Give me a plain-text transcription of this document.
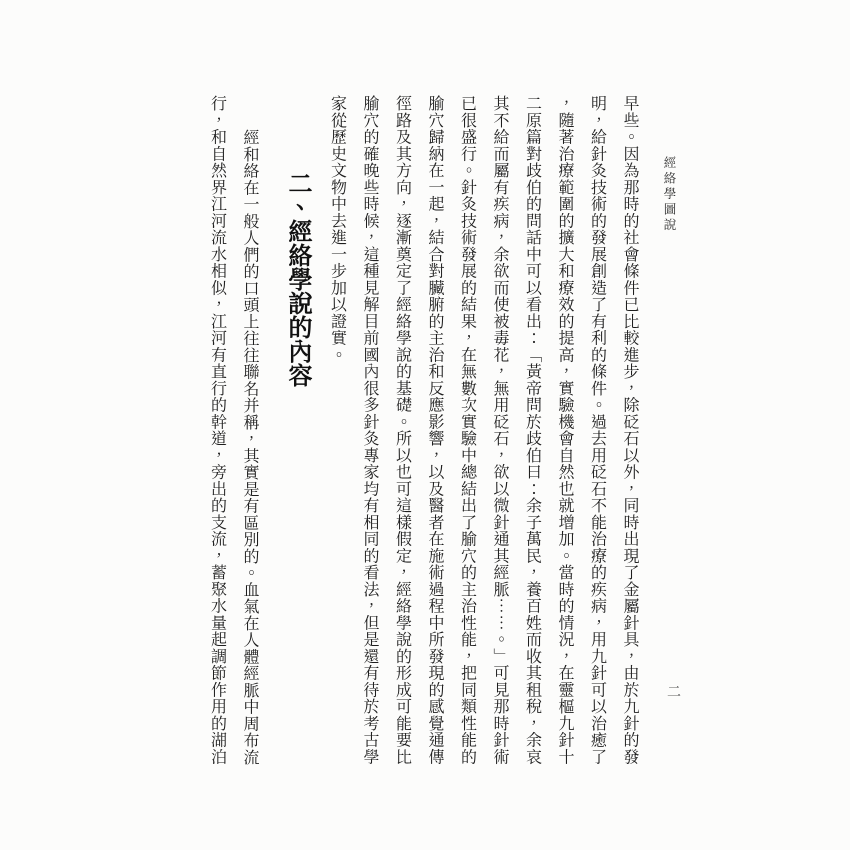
經絡學圖說
二
早些。因為那時的社會條件已比較進步，除砭石以外，同時出現了金屬針具，由於九針的發
明，給針灸技術的發展創造了有利的條件。過去用砭石不能治療的疾病，用九針可以治癒了
，隨著治療範圍的擴大和療效的提高，實驗機會自然也就增加。當時的情況，在靈樞九針十
二原篇對歧伯的問話中可以看出：「黃帝問於歧伯曰：余子萬民，養百姓而收其租稅，余哀
其不給而屬有疾病，余欲而使被毒花，無用砭石，欲以微針通其經脈⋯⋯。」可見那時針術
已很盛行。針灸技術發展的結果，在無數次實驗中總結出了腧穴的主治性能，把同類性能的
腧穴歸納在一起，結合對臟腑的主治和反應影響，以及醫者在施術過程中所發現的感覺通傳
徑路及其方向，逐漸奠定了經絡學說的基礎。所以也可這樣假定，經絡學說的形成可能要比
腧穴的確晚些時候，這種見解目前國內很多針灸專家均有相同的看法，但是還有待於考古學
家從歷史文物中去進一步加以證實。
二、經絡學說的內容
經和絡在一般人們的口頭上往往聯名并稱，其實是有區別的。血氣在人體經脈中周布流
行，和自然界江河流水相似，江河有直行的幹道，旁出的支流，蓄聚水量起調節作用的湖泊
